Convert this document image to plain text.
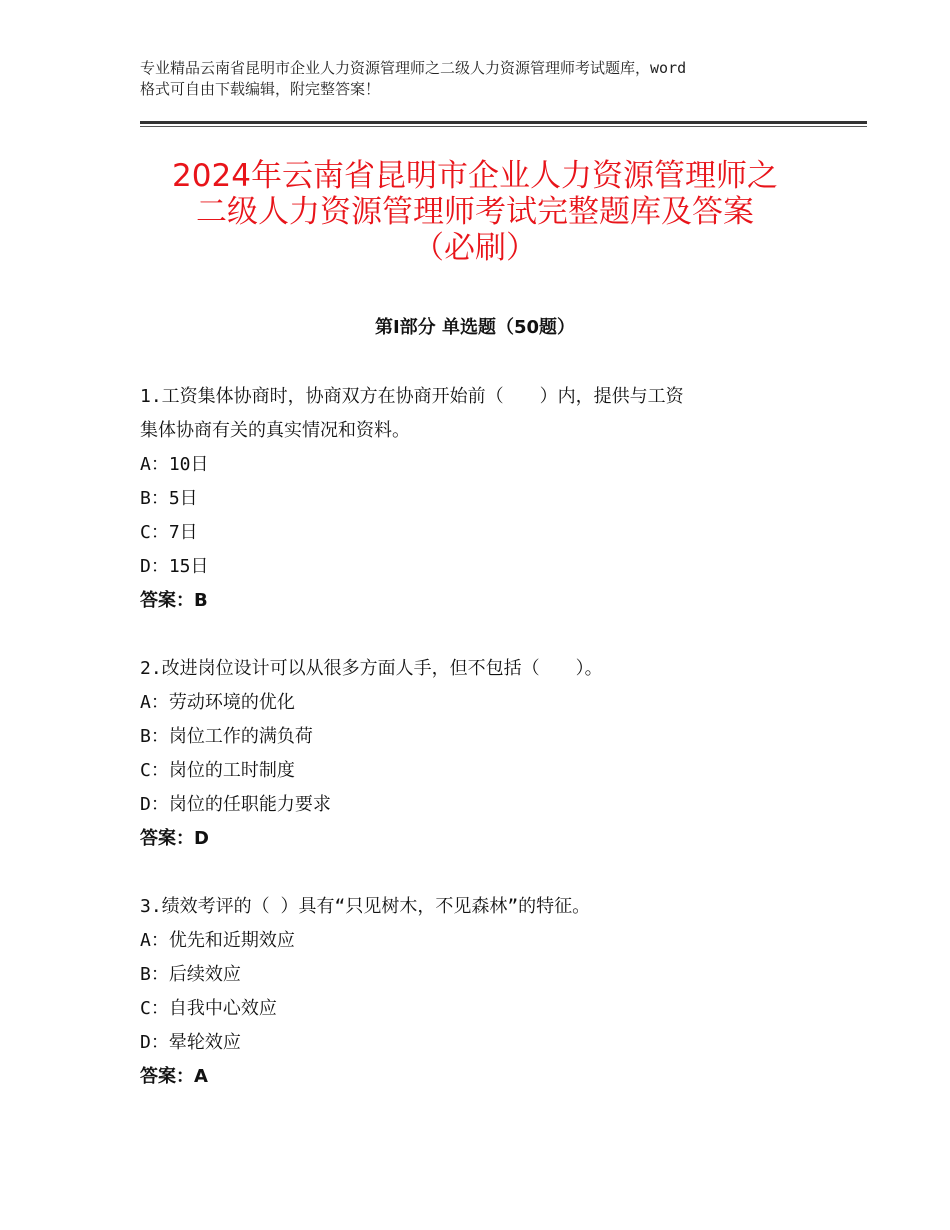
专业精品云南省昆明市企业人力资源管理师之二级人力资源管理师考试题库，word
格式可自由下载编辑，附完整答案！
2024年云南省昆明市企业人力资源管理师之
二级人力资源管理师考试完整题库及答案
（必刷）
第Ⅰ部分 单选题（50题）

1.工资集体协商时，协商双方在协商开始前（　　）内，提供与工资

集体协商有关的真实情况和资料。

A：10日

B：5日

C：7日

D：15日

答案：B

2.改进岗位设计可以从很多方面人手，但不包括（　　）。

A：劳动环境的优化

B：岗位工作的满负荷

C：岗位的工时制度

D：岗位的任职能力要求

答案：D

3.绩效考评的（ ）具有“只见树木，不见森林”的特征。

A：优先和近期效应

B：后续效应

C：自我中心效应

D：晕轮效应

答案：A
